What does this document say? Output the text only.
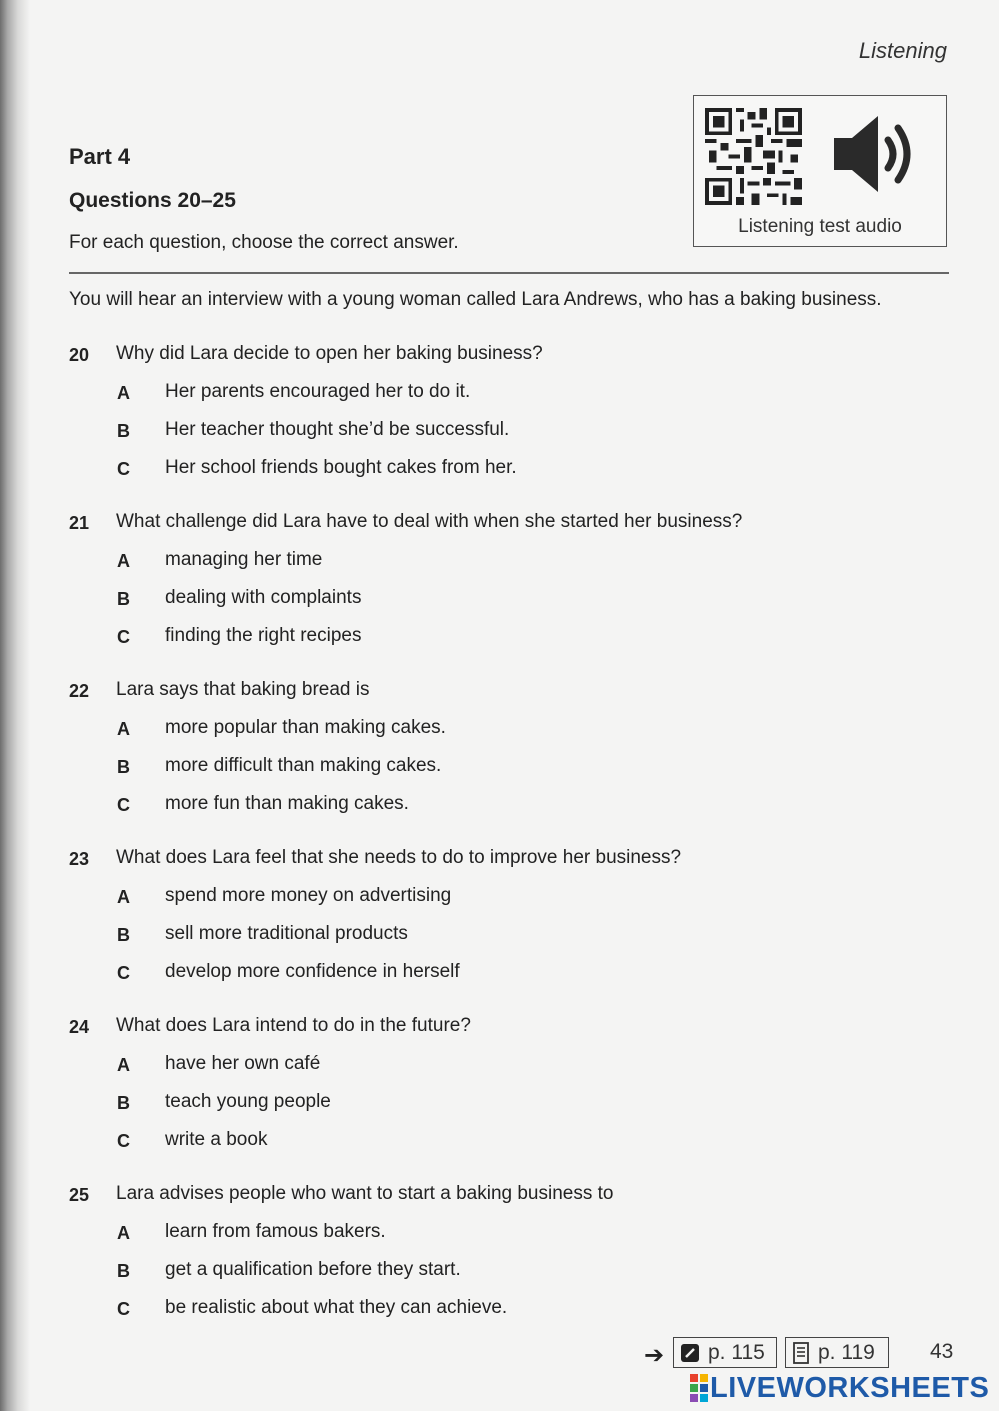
Listening
Part 4
Questions 20–25
For each question, choose the correct answer.
Listening test audio
You will hear an interview with a young woman called Lara Andrews, who has a baking business.
20 Why did Lara decide to open her baking business?
A Her parents encouraged her to do it.
B Her teacher thought she’d be successful.
C Her school friends bought cakes from her.
21 What challenge did Lara have to deal with when she started her business?
A managing her time
B dealing with complaints
C finding the right recipes
22 Lara says that baking bread is
A more popular than making cakes.
B more difficult than making cakes.
C more fun than making cakes.
23 What does Lara feel that she needs to do to improve her business?
A spend more money on advertising
B sell more traditional products
C develop more confidence in herself
24 What does Lara intend to do in the future?
A have her own café
B teach young people
C write a book
25 Lara advises people who want to start a baking business to
A learn from famous bakers.
B get a qualification before they start.
C be realistic about what they can achieve.
➔ p. 115	p. 119	43
LIVEWORKSHEETS
